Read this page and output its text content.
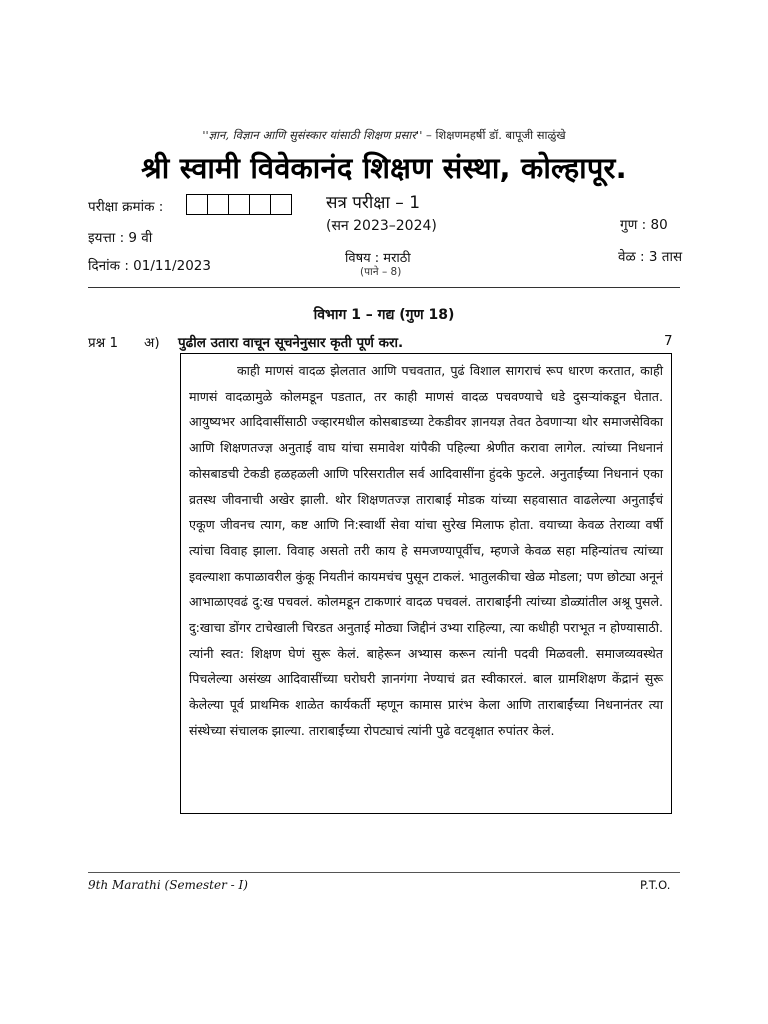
''ज्ञान, विज्ञान आणि सुसंस्कार यांसाठी शिक्षण प्रसार'' – शिक्षणमहर्षी डॉ. बापूजी साळुंखे
श्री स्वामी विवेकानंद शिक्षण संस्था, कोल्हापूर.
परीक्षा क्रमांक :	सत्र परीक्षा – 1
(सन 2023–2024)	गुण : 80
इयत्ता : 9 वी
दिनांक : 01/11/2023	विषय : मराठी
(पाने – 8)
वेळ : 3 तास
विभाग 1 – गद्य (गुण 18)
प्रश्न 1 अ) पुढील उतारा वाचून सूचनेनुसार कृती पूर्ण करा.	7

काही माणसं वादळ झेलतात आणि पचवतात, पुढं विशाल सागराचं रूप धारण करतात, काही माणसं वादळामुळे कोलमडून पडतात, तर काही माणसं वादळ पचवण्याचे धडे दुसऱ्यांकडून घेतात. आयुष्यभर आदिवासींसाठी ज्व्हारमधील कोसबाडच्या टेकडीवर ज्ञानयज्ञ तेवत ठेवणाऱ्या थोर समाजसेविका आणि शिक्षणतज्ज्ञ अनुताई वाघ यांचा समावेश यांपैकी पहिल्या श्रेणीत करावा लागेल. त्यांच्या निधनानं कोसबाडची टेकडी हळहळली आणि परिसरातील सर्व आदिवासींना हुंदके फुटले. अनुताईंच्या निधनानं एका व्रतस्थ जीवनाची अखेर झाली. थोर शिक्षणतज्ज्ञ ताराबाई मोडक यांच्या सहवासात वाढलेल्या अनुताईंचं एकूण जीवनच त्याग, कष्ट आणि नि:स्वार्थी सेवा यांचा सुरेख मिलाफ होता. वयाच्या केवळ तेराव्या वर्षी त्यांचा विवाह झाला. विवाह असतो तरी काय हे समजण्यापूर्वीच, म्हणजे केवळ सहा महिन्यांतच त्यांच्या इवल्याशा कपाळावरील कुंकू नियतीनं कायमचंच पुसून टाकलं. भातुलकीचा खेळ मोडला; पण छोट्या अनूनं आभाळाएवढं दु:ख पचवलं. कोलमडून टाकणारं वादळ पचवलं. ताराबाईंनी त्यांच्या डोळ्यांतील अश्रू पुसले. दु:खाचा डोंगर टाचेखाली चिरडत अनुताई मोठ्या जिद्दीनं उभ्या राहिल्या, त्या कधीही पराभूत न होण्यासाठी. त्यांनी स्वत: शिक्षण घेणं सुरू केलं. बाहेरून अभ्यास करून त्यांनी पदवी मिळवली. समाजव्यवस्थेत पिचलेल्या असंख्य आदिवासींच्या घरोघरी ज्ञानगंगा नेण्याचं व्रत स्वीकारलं. बाल ग्रामशिक्षण केंद्रानं सुरू केलेल्या पूर्व प्राथमिक शाळेत कार्यकर्ती म्हणून कामास प्रारंभ केला आणि ताराबाईंच्या निधनानंतर त्या संस्थेच्या संचालक झाल्या. ताराबाईंच्या रोपट्याचं त्यांनी पुढे वटवृक्षात रुपांतर केलं.

9th Marathi (Semester - I)	P.T.O.
